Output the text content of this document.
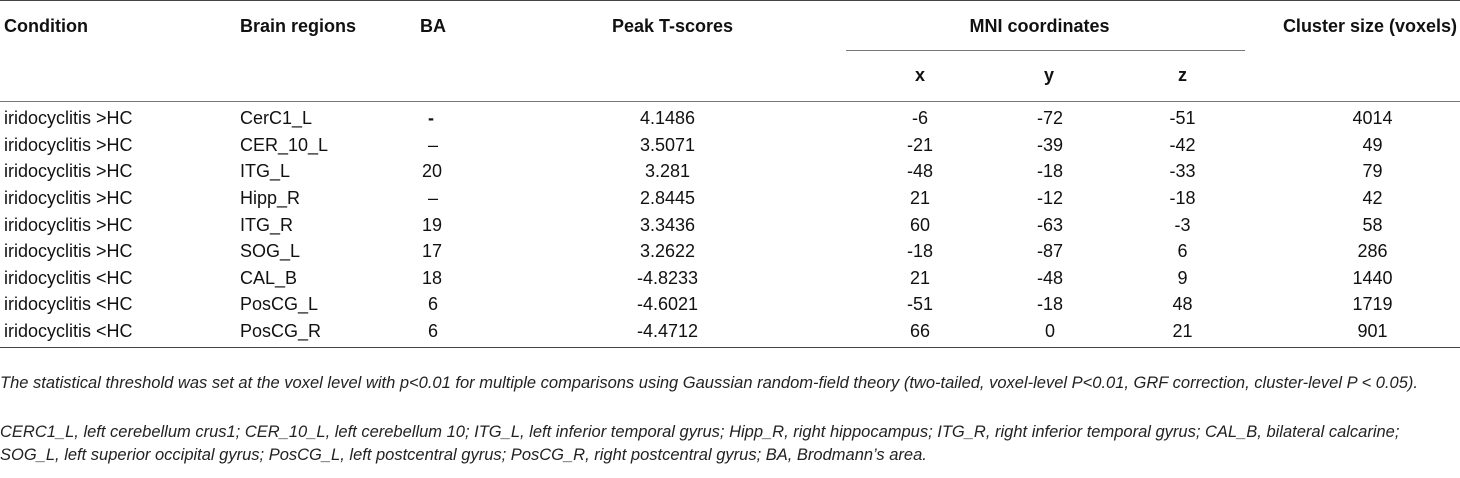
Condition	Brain regions	BA	Peak T-scores	MNI coordinates			Cluster size (voxels)
				x	y	z	
iridocyclitis >HC	CerC1_L	-	4.1486	-6	-72	-51	4014
iridocyclitis >HC	CER_10_L	–	3.5071	-21	-39	-42	49
iridocyclitis >HC	ITG_L	20	3.281	-48	-18	-33	79
iridocyclitis >HC	Hipp_R	–	2.8445	21	-12	-18	42
iridocyclitis >HC	ITG_R	19	3.3436	60	-63	-3	58
iridocyclitis >HC	SOG_L	17	3.2622	-18	-87	6	286
iridocyclitis <HC	CAL_B	18	-4.8233	21	-48	9	1440
iridocyclitis <HC	PosCG_L	6	-4.6021	-51	-18	48	1719
iridocyclitis <HC	PosCG_R	6	-4.4712	66	0	21	901
The statistical threshold was set at the voxel level with p<0.01 for multiple comparisons using Gaussian random-field theory (two-tailed, voxel-level P<0.01, GRF correction, cluster-level P < 0.05).
CERC1_L, left cerebellum crus1; CER_10_L, left cerebellum 10; ITG_L, left inferior temporal gyrus; Hipp_R, right hippocampus; ITG_R, right inferior temporal gyrus; CAL_B, bilateral calcarine; SOG_L, left superior occipital gyrus; PosCG_L, left postcentral gyrus; PosCG_R, right postcentral gyrus; BA, Brodmann’s area.
